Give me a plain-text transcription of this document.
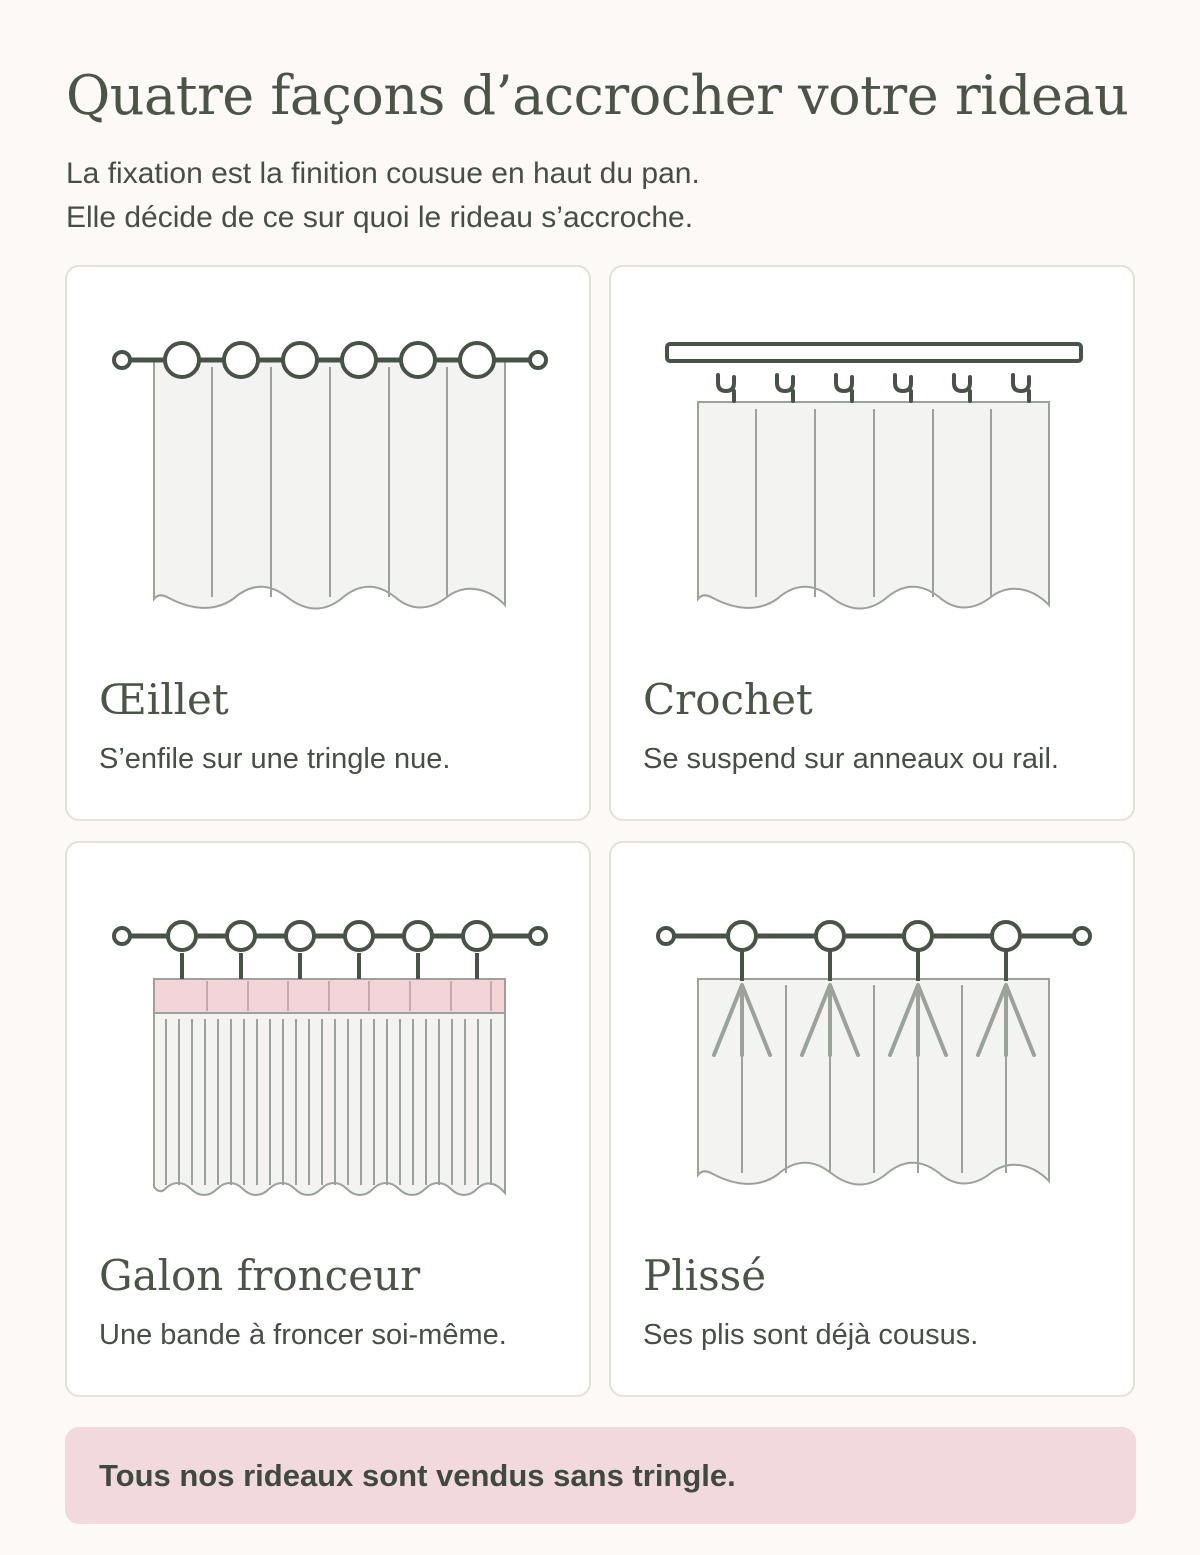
Quatre façons d’accrocher votre rideau
La fixation est la finition cousue en haut du pan.
Elle décide de ce sur quoi le rideau s’accroche.
Œillet
S’enfile sur une tringle nue.
Crochet
Se suspend sur anneaux ou rail.
Galon fronceur
Une bande à froncer soi-même.
Plissé
Ses plis sont déjà cousus.
Tous nos rideaux sont vendus sans tringle.
